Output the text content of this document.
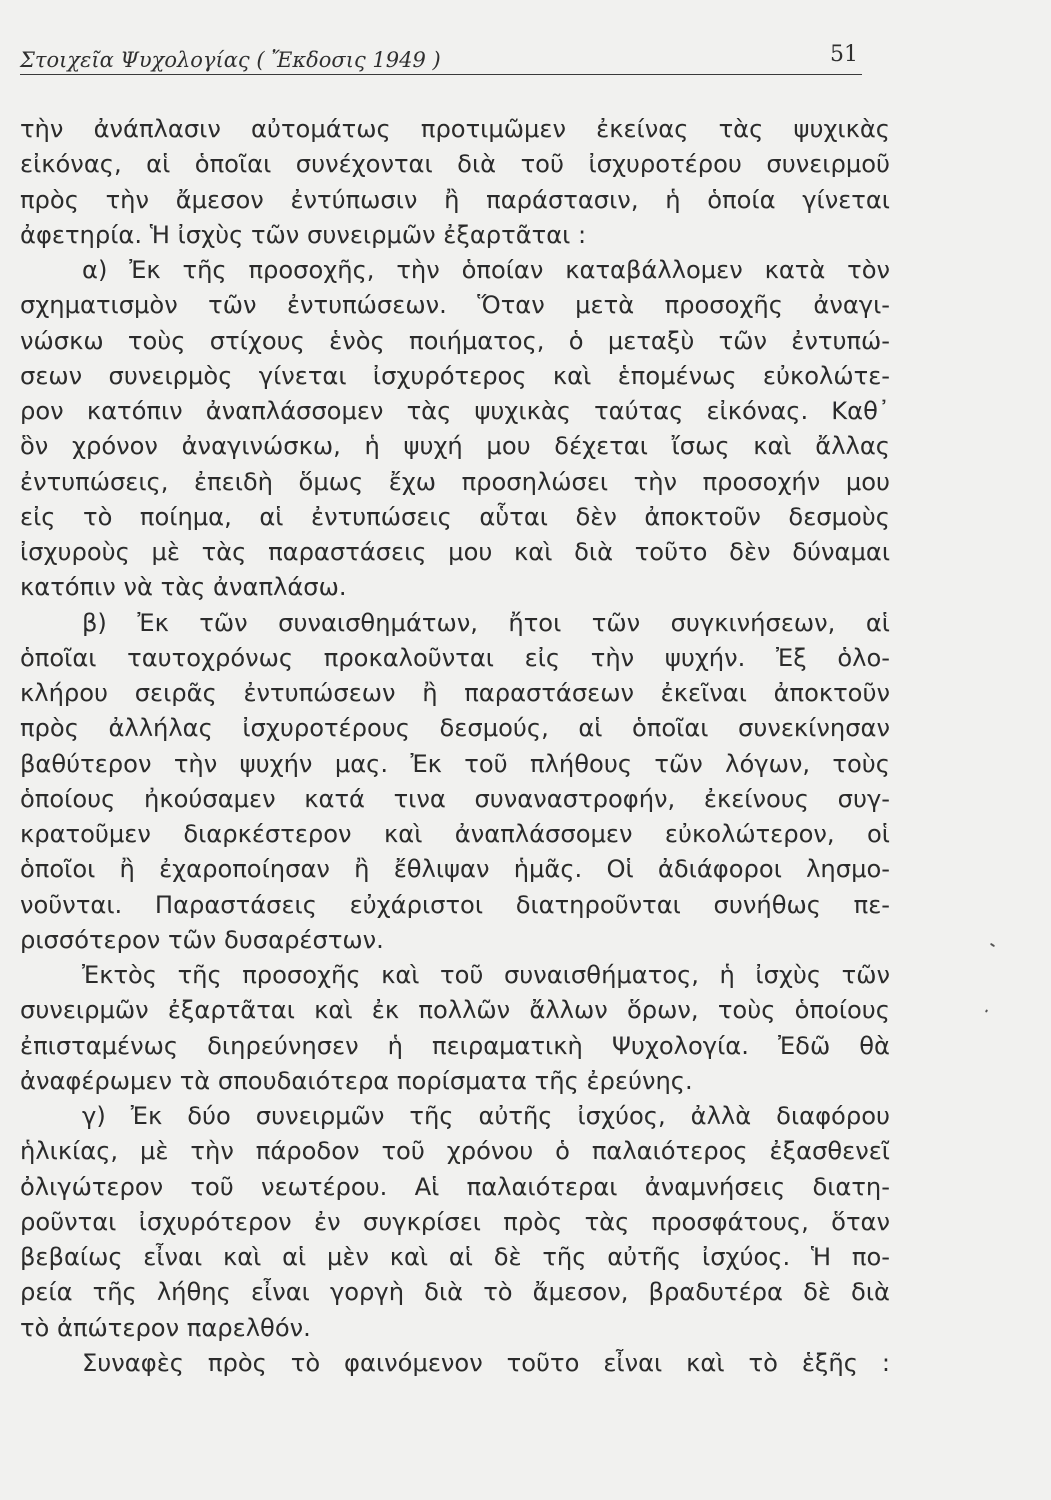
Στοιχεῖα Ψυχολογίας ( Ἔκδοσις 1949 )	51
τὴν ἀνάπλασιν αὐτομάτως προτιμῶμεν ἐκείνας τὰς ψυχικὰς
εἰκόνας, αἱ ὁποῖαι συνέχονται διὰ τοῦ ἰσχυροτέρου συνειρμοῦ
πρὸς τὴν ἄμεσον ἐντύπωσιν ἢ παράστασιν, ἡ ὁποία γίνεται
ἀφετηρία. Ἡ ἰσχὺς τῶν συνειρμῶν ἐξαρτᾶται :
α) Ἐκ τῆς προσοχῆς, τὴν ὁποίαν καταβάλλομεν κατὰ τὸν
σχηματισμὸν τῶν ἐντυπώσεων. Ὅταν μετὰ προσοχῆς ἀναγι-
νώσκω τοὺς στίχους ἑνὸς ποιήματος, ὁ μεταξὺ τῶν ἐντυπώ-
σεων συνειρμὸς γίνεται ἰσχυρότερος καὶ ἑπομένως εὐκολώτε-
ρον κατόπιν ἀναπλάσσομεν τὰς ψυχικὰς ταύτας εἰκόνας. Καθ᾽
ὃν χρόνον ἀναγινώσκω, ἡ ψυχή μου δέχεται ἴσως καὶ ἄλλας
ἐντυπώσεις, ἐπειδὴ ὅμως ἔχω προσηλώσει τὴν προσοχήν μου
εἰς τὸ ποίημα, αἱ ἐντυπώσεις αὗται δὲν ἀποκτοῦν δεσμοὺς
ἰσχυροὺς μὲ τὰς παραστάσεις μου καὶ διὰ τοῦτο δὲν δύναμαι
κατόπιν νὰ τὰς ἀναπλάσω.
β) Ἐκ τῶν συναισθημάτων, ἤτοι τῶν συγκινήσεων, αἱ
ὁποῖαι ταυτοχρόνως προκαλοῦνται εἰς τὴν ψυχήν. Ἐξ ὁλο-
κλήρου σειρᾶς ἐντυπώσεων ἢ παραστάσεων ἐκεῖναι ἀποκτοῦν
πρὸς ἀλλήλας ἰσχυροτέρους δεσμούς, αἱ ὁποῖαι συνεκίνησαν
βαθύτερον τὴν ψυχήν μας. Ἐκ τοῦ πλήθους τῶν λόγων, τοὺς
ὁποίους ἠκούσαμεν κατά τινα συναναστροφήν, ἐκείνους συγ-
κρατοῦμεν διαρκέστερον καὶ ἀναπλάσσομεν εὐκολώτερον, οἱ
ὁποῖοι ἢ ἐχαροποίησαν ἢ ἔθλιψαν ἡμᾶς. Οἱ ἀδιάφοροι λησμο-
νοῦνται. Παραστάσεις εὐχάριστοι διατηροῦνται συνήθως πε-
ρισσότερον τῶν δυσαρέστων.
Ἐκτὸς τῆς προσοχῆς καὶ τοῦ συναισθήματος, ἡ ἰσχὺς τῶν
συνειρμῶν ἐξαρτᾶται καὶ ἐκ πολλῶν ἄλλων ὅρων, τοὺς ὁποίους
ἐπισταμένως διηρεύνησεν ἡ πειραματικὴ Ψυχολογία. Ἐδῶ θὰ
ἀναφέρωμεν τὰ σπουδαιότερα πορίσματα τῆς ἐρεύνης.
γ) Ἐκ δύο συνειρμῶν τῆς αὐτῆς ἰσχύος, ἀλλὰ διαφόρου
ἡλικίας, μὲ τὴν πάροδον τοῦ χρόνου ὁ παλαιότερος ἐξασθενεῖ
ὀλιγώτερον τοῦ νεωτέρου. Αἱ παλαιότεραι ἀναμνήσεις διατη-
ροῦνται ἰσχυρότερον ἐν συγκρίσει πρὸς τὰς προσφάτους, ὅταν
βεβαίως εἶναι καὶ αἱ μὲν καὶ αἱ δὲ τῆς αὐτῆς ἰσχύος. Ἡ πο-
ρεία τῆς λήθης εἶναι γοργὴ διὰ τὸ ἄμεσον, βραδυτέρα δὲ διὰ
τὸ ἀπώτερον παρελθόν.
Συναφὲς πρὸς τὸ φαινόμενον τοῦτο εἶναι καὶ τὸ ἑξῆς :
